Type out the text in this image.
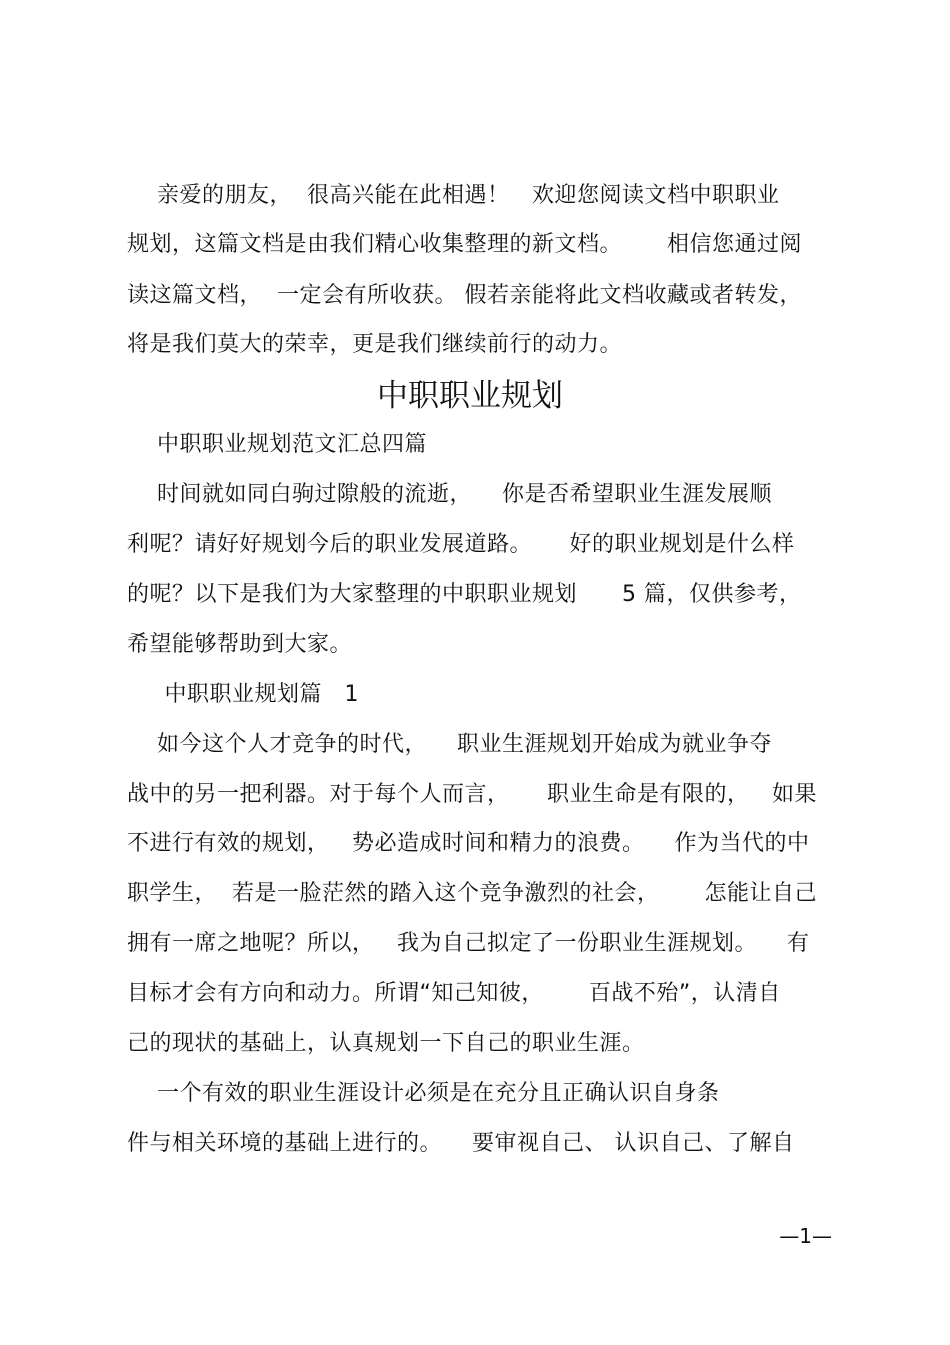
亲爱的朋友，  很高兴能在此相遇！   欢迎您阅读文档中职职业
规划，这篇文档是由我们精心收集整理的新文档。      相信您通过阅
读这篇文档，  一定会有所收获。 假若亲能将此文档收藏或者转发，
将是我们莫大的荣幸，更是我们继续前行的动力。
中职职业规划
中职职业规划范文汇总四篇
时间就如同白驹过隙般的流逝，    你是否希望职业生涯发展顺
利呢？请好好规划今后的职业发展道路。     好的职业规划是什么样
的呢？以下是我们为大家整理的中职职业规划      5 篇，仅供参考，
希望能够帮助到大家。
中职职业规划篇   1
如今这个人才竞争的时代，    职业生涯规划开始成为就业争夺
战中的另一把利器。对于每个人而言，     职业生命是有限的，   如果
不进行有效的规划，   势必造成时间和精力的浪费。    作为当代的中
职学生，  若是一脸茫然的踏入这个竞争激烈的社会，      怎能让自己
拥有一席之地呢？所以，   我为自己拟定了一份职业生涯规划。    有
目标才会有方向和动力。所谓“知己知彼，      百战不殆”，认清自
己的现状的基础上，认真规划一下自己的职业生涯。
一个有效的职业生涯设计必须是在充分且正确认识自身条
件与相关环境的基础上进行的。    要审视自己、 认识自己、了解自
—1—
